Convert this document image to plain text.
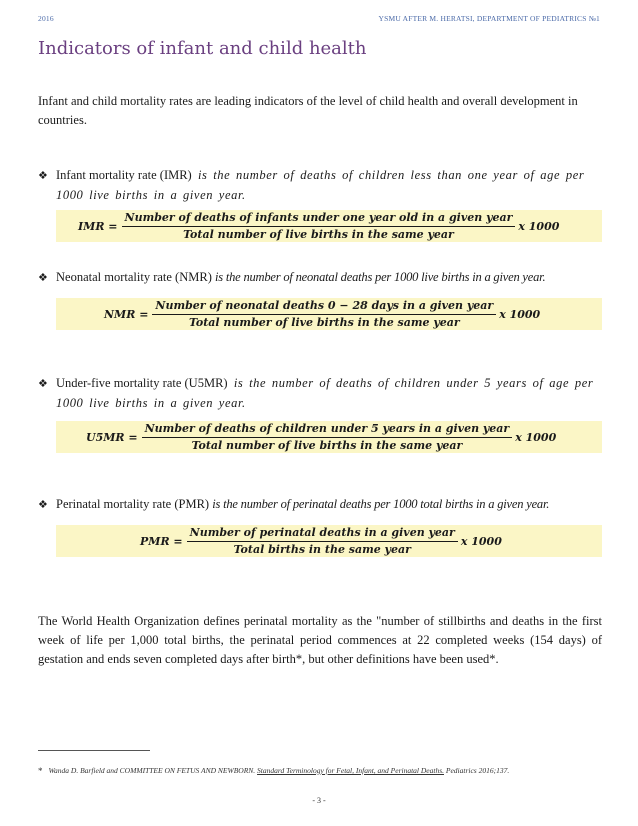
2016	YSMU AFTER M. HERATSI, DEPARTMENT OF PEDIATRICS №1
Indicators of infant and child health
Infant and child mortality rates are leading indicators of the level of child health and overall development in countries.
❖ Infant mortality rate (IMR) is the number of deaths of children less than one year of age per 1000 live births in a given year.
IMR =
Number of deaths of infants under one year old in a given year
Total number of live births in the same year
x 1000
❖ Neonatal mortality rate (NMR) is the number of neonatal deaths per 1000 live births in a given year.
NMR = $\frac{\text{Number of neonatal deaths 0 − 28 days in a given year}}{\text{Total number of live births in the same year}}$ x 1000
❖ Under-five mortality rate (U5MR) is the number of deaths of children under 5 years of age per 1000 live births in a given year.
$U5MR = \frac{\text{Number of deaths of children under 5 years in a given year}}{\text{Total number of live births in the same year}}$ x 1000
❖ Perinatal mortality rate (PMR) is the number of perinatal deaths per 1000 total births in a given year.
PMR = $\frac{\text{Number of perinatal deaths in a given year}}{\text{Total births in the same year}}$ x 1000
The World Health Organization defines perinatal mortality as the "number of stillbirths and deaths in the first week of life per 1,000 total births, the perinatal period commences at 22 completed weeks (154 days) of gestation and ends seven completed days after birth*, but other definitions have been used*.
* Wanda D. Barfield and COMMITTEE ON FETUS AND NEWBORN. Standard Terminology for Fetal, Infant, and Perinatal Deaths. Pediatrics 2016;137.
- 3 -
